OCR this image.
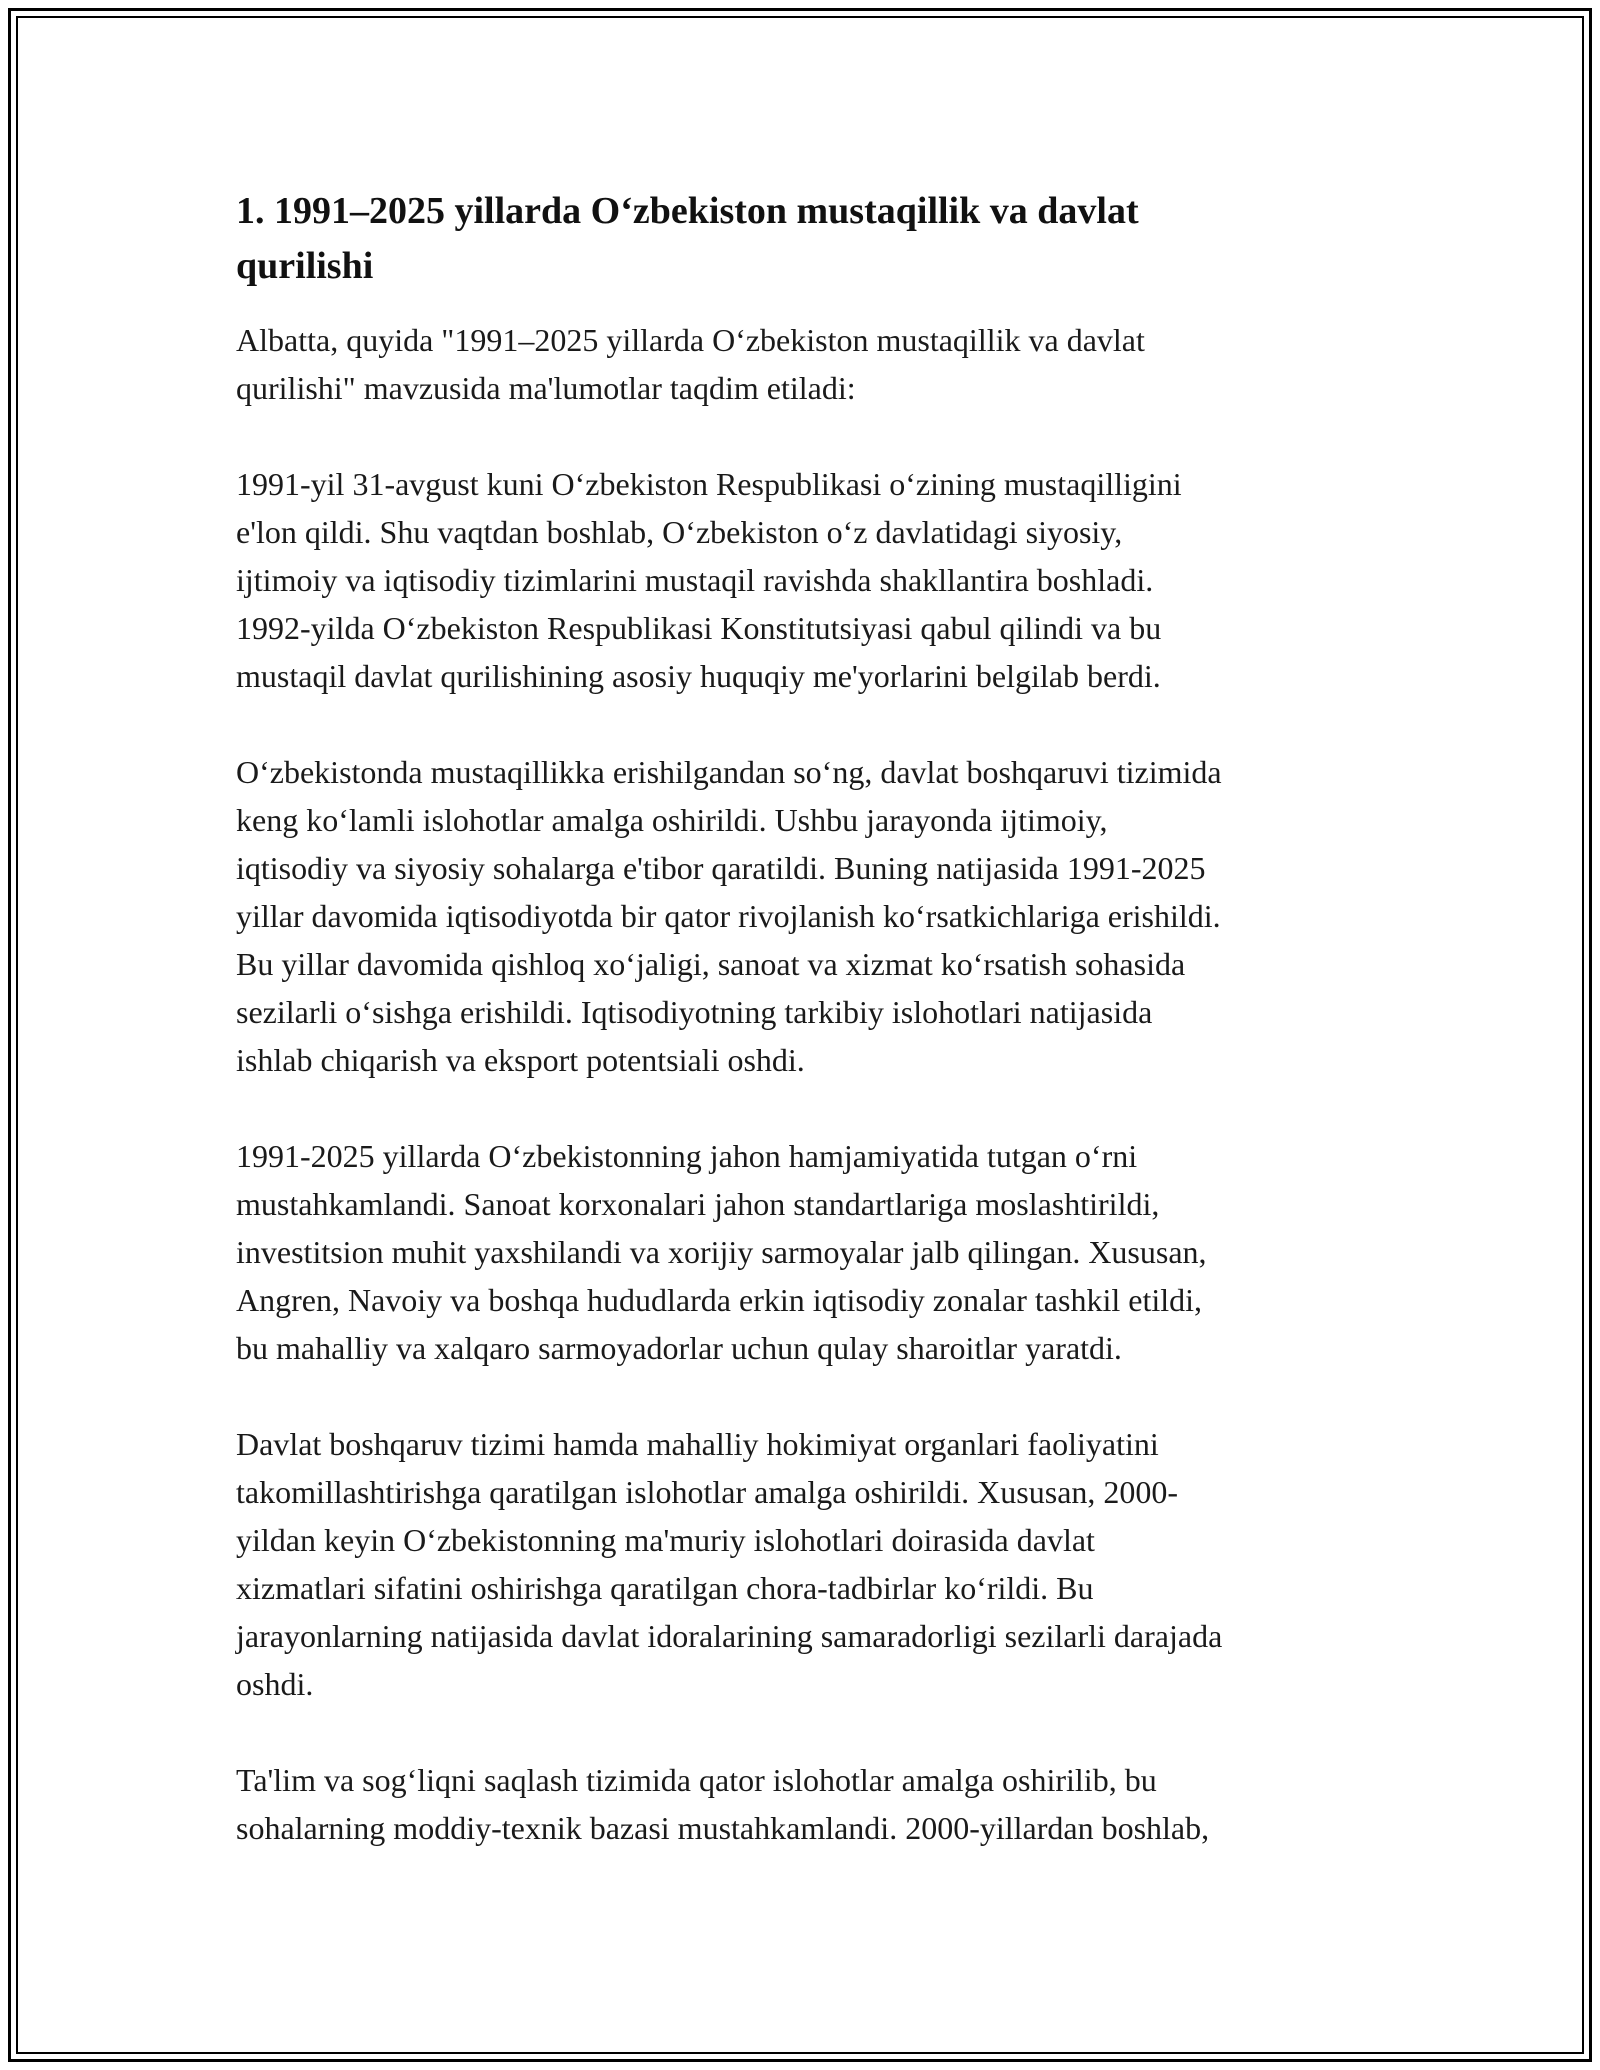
1. 1991–2025 yillarda O‘zbekiston mustaqillik va davlat
qurilishi

Albatta, quyida "1991–2025 yillarda O‘zbekiston mustaqillik va davlat
qurilishi" mavzusida ma'lumotlar taqdim etiladi:

1991-yil 31-avgust kuni O‘zbekiston Respublikasi o‘zining mustaqilligini
e'lon qildi. Shu vaqtdan boshlab, O‘zbekiston o‘z davlatidagi siyosiy,
ijtimoiy va iqtisodiy tizimlarini mustaqil ravishda shakllantira boshladi.
1992-yilda O‘zbekiston Respublikasi Konstitutsiyasi qabul qilindi va bu
mustaqil davlat qurilishining asosiy huquqiy me'yorlarini belgilab berdi.

O‘zbekistonda mustaqillikka erishilgandan so‘ng, davlat boshqaruvi tizimida
keng ko‘lamli islohotlar amalga oshirildi. Ushbu jarayonda ijtimoiy,
iqtisodiy va siyosiy sohalarga e'tibor qaratildi. Buning natijasida 1991-2025
yillar davomida iqtisodiyotda bir qator rivojlanish ko‘rsatkichlariga erishildi.
Bu yillar davomida qishloq xo‘jaligi, sanoat va xizmat ko‘rsatish sohasida
sezilarli o‘sishga erishildi. Iqtisodiyotning tarkibiy islohotlari natijasida
ishlab chiqarish va eksport potentsiali oshdi.

1991-2025 yillarda O‘zbekistonning jahon hamjamiyatida tutgan o‘rni
mustahkamlandi. Sanoat korxonalari jahon standartlariga moslashtirildi,
investitsion muhit yaxshilandi va xorijiy sarmoyalar jalb qilingan. Xususan,
Angren, Navoiy va boshqa hududlarda erkin iqtisodiy zonalar tashkil etildi,
bu mahalliy va xalqaro sarmoyadorlar uchun qulay sharoitlar yaratdi.

Davlat boshqaruv tizimi hamda mahalliy hokimiyat organlari faoliyatini
takomillashtirishga qaratilgan islohotlar amalga oshirildi. Xususan, 2000-
yildan keyin O‘zbekistonning ma'muriy islohotlari doirasida davlat
xizmatlari sifatini oshirishga qaratilgan chora-tadbirlar ko‘rildi. Bu
jarayonlarning natijasida davlat idoralarining samaradorligi sezilarli darajada
oshdi.

Ta'lim va sog‘liqni saqlash tizimida qator islohotlar amalga oshirilib, bu
sohalarning moddiy-texnik bazasi mustahkamlandi. 2000-yillardan boshlab,
